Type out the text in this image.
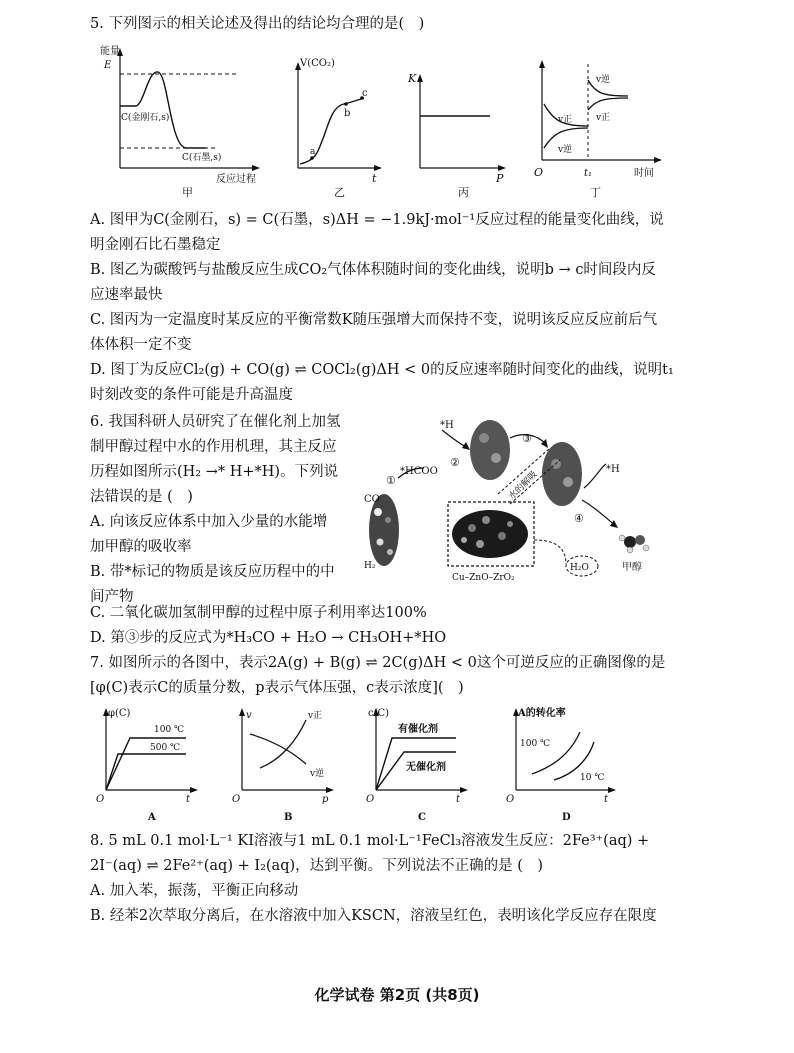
5. 下列图示的相关论述及得出的结论均合理的是(　)
能量
E
C(金刚石,s)
C(石墨,s)
反应过程
甲
V(CO₂)
a
b
c
t
乙
K
P
丙
v逆
v正
v正
v逆
O	t₁	时间
丁
A. 图甲为C(金刚石，s) = C(石墨，s)ΔH = −1.9kJ·mol⁻¹反应过程的能量变化曲线，说
明金刚石比石墨稳定
B. 图乙为碳酸钙与盐酸反应生成CO₂气体体积随时间的变化曲线，说明b → c时间段内反
应速率最快
C. 图丙为一定温度时某反应的平衡常数K随压强增大而保持不变，说明该反应反应前后气
体体积一定不变
D. 图丁为反应Cl₂(g) + CO(g) ⇌ COCl₂(g)ΔH < 0的反应速率随时间变化的曲线，说明t₁
时刻改变的条件可能是升高温度
6. 我国科研人员研究了在催化剂上加氢
制甲醇过程中水的作用机理，其主反应
历程如图所示(H₂ →* H+*H)。下列说
法错误的是 (　)
A. 向该反应体系中加入少量的水能增
加甲醇的吸收率
B. 带*标记的物质是该反应历程中的中
间产物
*H
*HCOO
①
②
③
④
CO
H₂
水的解吸
*H
Cu–ZnO–ZrO₂
H₂O	甲醇
C. 二氧化碳加氢制甲醇的过程中原子利用率达100%
D. 第③步的反应式为*H₃CO + H₂O → CH₃OH+*HO
7. 如图所示的各图中，表示2A(g) + B(g) ⇌ 2C(g)ΔH < 0这个可逆反应的正确图像的是
[φ(C)表示C的质量分数，p表示气体压强，c表示浓度](　)
φ(C)
100 ℃
500 ℃
O	t
A
v	v正
v逆
O	p
B
c(C)
有催化剂
无催化剂
O	t
C
A的转化率
100 ℃
10 ℃
O	t
D
8. 5 mL 0.1 mol·L⁻¹ KI溶液与1 mL 0.1 mol·L⁻¹FeCl₃溶液发生反应：2Fe³⁺(aq) +
2I⁻(aq) ⇌ 2Fe²⁺(aq) + I₂(aq)，达到平衡。下列说法不正确的是 (　)
A. 加入苯，振荡，平衡正向移动
B. 经苯2次萃取分离后，在水溶液中加入KSCN，溶液呈红色，表明该化学反应存在限度
化学试卷 第2页 (共8页)
